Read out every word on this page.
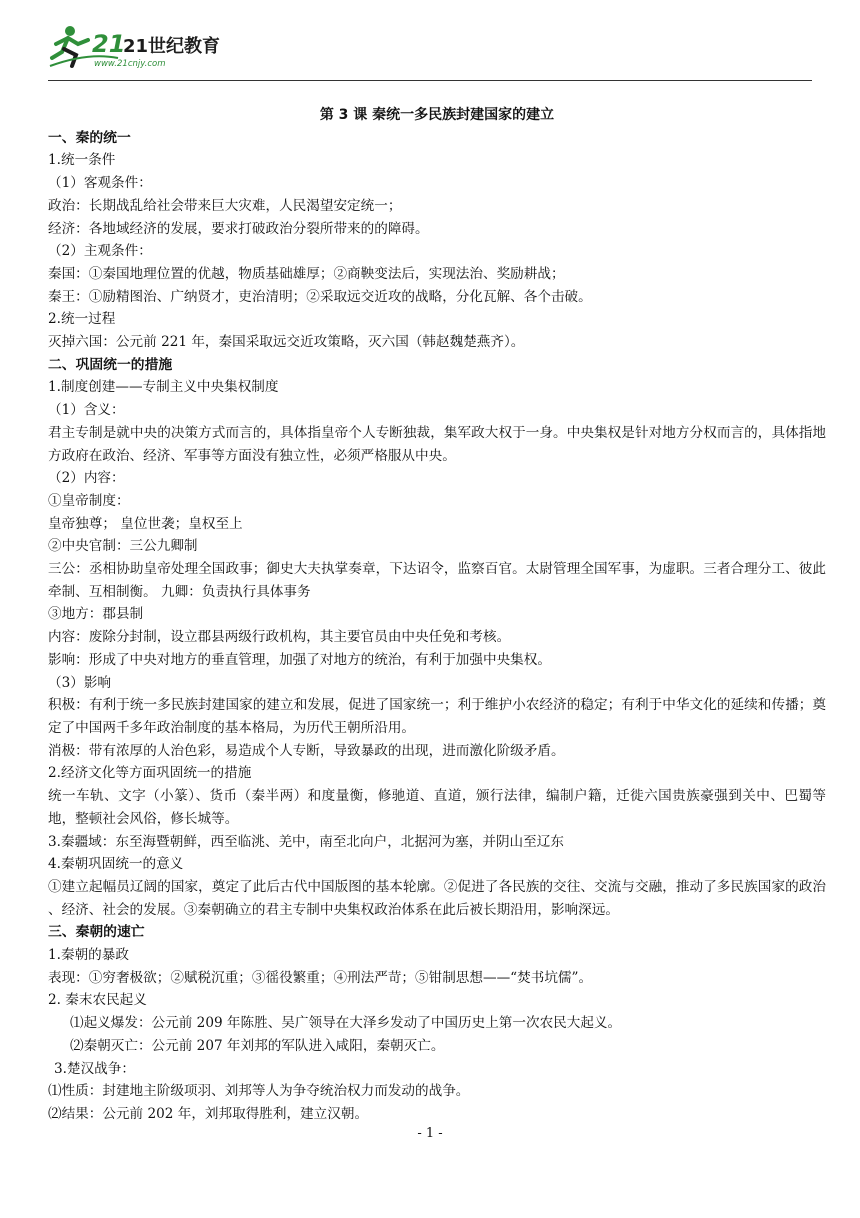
21
21世纪教育
www.21cnjy.com

第 3 课 秦统一多民族封建国家的建立

一、秦的统一

1.统一条件

（1）客观条件：

政治：长期战乱给社会带来巨大灾难，人民渴望安定统一；

经济：各地域经济的发展，要求打破政治分裂所带来的的障碍。

（2）主观条件：

秦国：①秦国地理位置的优越，物质基础雄厚；②商鞅变法后，实现法治、奖励耕战；

秦王：①励精图治、广纳贤才，吏治清明；②采取远交近攻的战略，分化瓦解、各个击破。

2.统一过程

灭掉六国：公元前 221 年，秦国采取远交近攻策略，灭六国（韩赵魏楚燕齐）。

二、巩固统一的措施

1.制度创建——专制主义中央集权制度

（1）含义：

君主专制是就中央的决策方式而言的，具体指皇帝个人专断独裁，集军政大权于一身。中央集权是针对地方分权而言的，具体指地方政府在政治、经济、军事等方面没有独立性，必须严格服从中央。

（2）内容：

①皇帝制度：

皇帝独尊； 皇位世袭；皇权至上

②中央官制：三公九卿制

三公：丞相协助皇帝处理全国政事；御史大夫执掌奏章，下达诏令，监察百官。太尉管理全国军事，为虚职。三者合理分工、彼此牵制、互相制衡。 九卿：负责执行具体事务

③地方：郡县制

内容：废除分封制，设立郡县两级行政机构，其主要官员由中央任免和考核。

影响：形成了中央对地方的垂直管理，加强了对地方的统治，有利于加强中央集权。

（3）影响

积极：有利于统一多民族封建国家的建立和发展，促进了国家统一；利于维护小农经济的稳定；有利于中华文化的延续和传播；奠定了中国两千多年政治制度的基本格局，为历代王朝所沿用。

消极：带有浓厚的人治色彩，易造成个人专断，导致暴政的出现，进而激化阶级矛盾。

2.经济文化等方面巩固统一的措施

统一车轨、文字（小篆）、货币（秦半两）和度量衡，修驰道、直道，颁行法律，编制户籍，迁徙六国贵族豪强到关中、巴蜀等地，整顿社会风俗，修长城等。

3.秦疆域：东至海暨朝鲜，西至临洮、羌中，南至北向户，北据河为塞，并阴山至辽东

4.秦朝巩固统一的意义

①建立起幅员辽阔的国家，奠定了此后古代中国版图的基本轮廓。②促进了各民族的交往、交流与交融，推动了多民族国家的政治 、经济、社会的发展。③秦朝确立的君主专制中央集权政治体系在此后被长期沿用，影响深远。

三、秦朝的速亡

1.秦朝的暴政

表现：①穷奢极欲；②赋税沉重；③徭役繁重；④刑法严苛；⑤钳制思想——“焚书坑儒”。

2. 秦末农民起义

⑴起义爆发：公元前 209 年陈胜、吴广领导在大泽乡发动了中国历史上第一次农民大起义。

⑵秦朝灭亡：公元前 207 年刘邦的军队进入咸阳，秦朝灭亡。

3.楚汉战争：

⑴性质：封建地主阶级项羽、刘邦等人为争夺统治权力而发动的战争。

⑵结果：公元前 202 年，刘邦取得胜利，建立汉朝。

- 1 -
